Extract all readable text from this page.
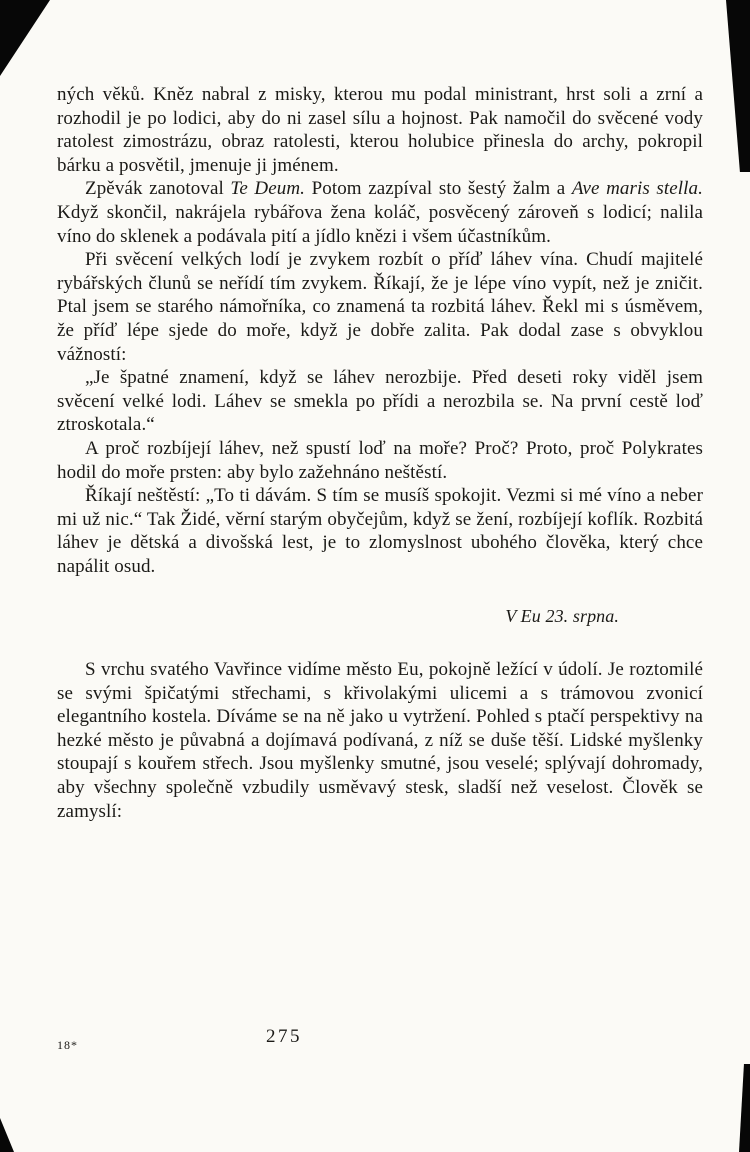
ných věků. Kněz nabral z misky, kterou mu podal ministrant, hrst soli a zrní a rozhodil je po lodici, aby do ni zasel sílu a hojnost. Pak namočil do svěcené vody ratolest zimostrázu, obraz ratolesti, kterou holubice přinesla do archy, pokropil bárku a posvětil, jmenuje ji jménem.

Zpěvák zanotoval Te Deum. Potom zazpíval sto šestý žalm a Ave maris stella. Když skončil, nakrájela rybářova žena koláč, posvěcený zároveň s lodicí; nalila víno do sklenek a podávala pití a jídlo knězi i všem účastníkům.

Při svěcení velkých lodí je zvykem rozbít o příď láhev vína. Chudí majitelé rybářských člunů se neřídí tím zvykem. Říkají, že je lépe víno vypít, než je zničit. Ptal jsem se starého námořníka, co znamená ta rozbitá láhev. Řekl mi s úsměvem, že příď lépe sjede do moře, když je dobře zalita. Pak dodal zase s obvyklou vážností:

„Je špatné znamení, když se láhev nerozbije. Před deseti roky viděl jsem svěcení velké lodi. Láhev se smekla po přídi a nerozbila se. Na první cestě loď ztroskotala.“

A proč rozbíjejí láhev, než spustí loď na moře? Proč? Proto, proč Polykrates hodil do moře prsten: aby bylo zažehnáno neštěstí.

Říkají neštěstí: „To ti dávám. S tím se musíš spokojit. Vezmi si mé víno a neber mi už nic.“ Tak Židé, věrní starým obyčejům, když se žení, rozbíjejí koflík. Rozbitá láhev je dětská a divošská lest, je to zlomyslnost ubohého člověka, který chce napálit osud.

V Eu 23. srpna.

S vrchu svatého Vavřince vidíme město Eu, pokojně ležící v údolí. Je roztomilé se svými špičatými střechami, s křivolakými ulicemi a s trámovou zvonicí elegantního kostela. Díváme se na ně jako u vytržení. Pohled s ptačí perspektivy na hezké město je půvabná a dojímavá podívaná, z níž se duše těší. Lidské myšlenky stoupají s kouřem střech. Jsou myšlenky smutné, jsou veselé; splývají dohromady, aby všechny společně vzbudily usměvavý stesk, sladší než veselost. Člověk se zamyslí:

18*	275
